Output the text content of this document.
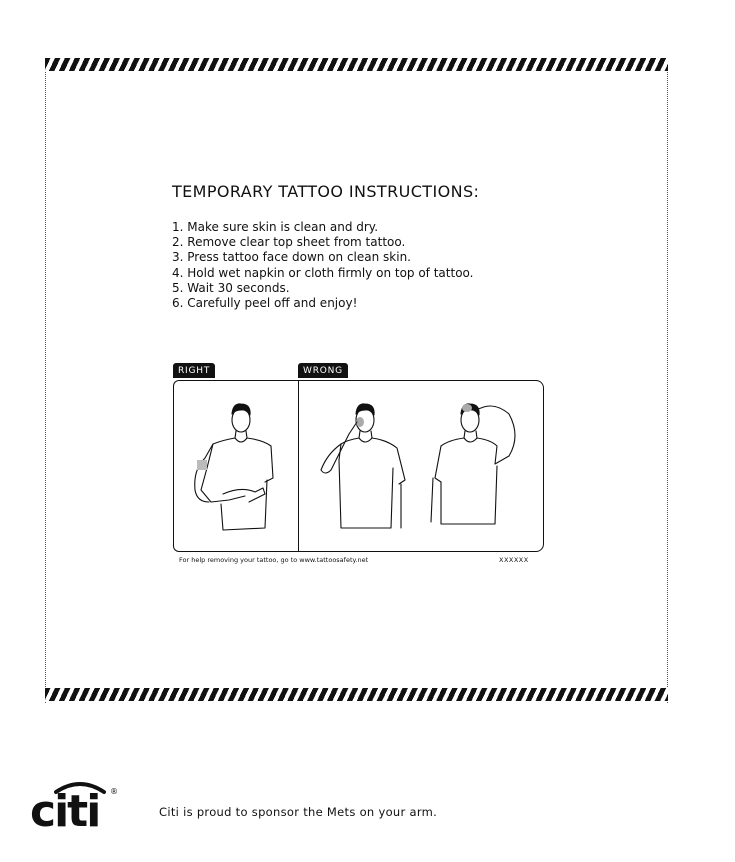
TEMPORARY TATTOO INSTRUCTIONS:
1. Make sure skin is clean and dry.
2. Remove clear top sheet from tattoo.
3. Press tattoo face down on clean skin.
4. Hold wet napkin or cloth firmly on top of tattoo.
5. Wait 30 seconds.
6. Carefully peel off and enjoy!
RIGHT	WRONG
For help removing your tattoo, go to www.tattoosafety.net	XXXXXX
citi ®
Citi is proud to sponsor the Mets on your arm.
